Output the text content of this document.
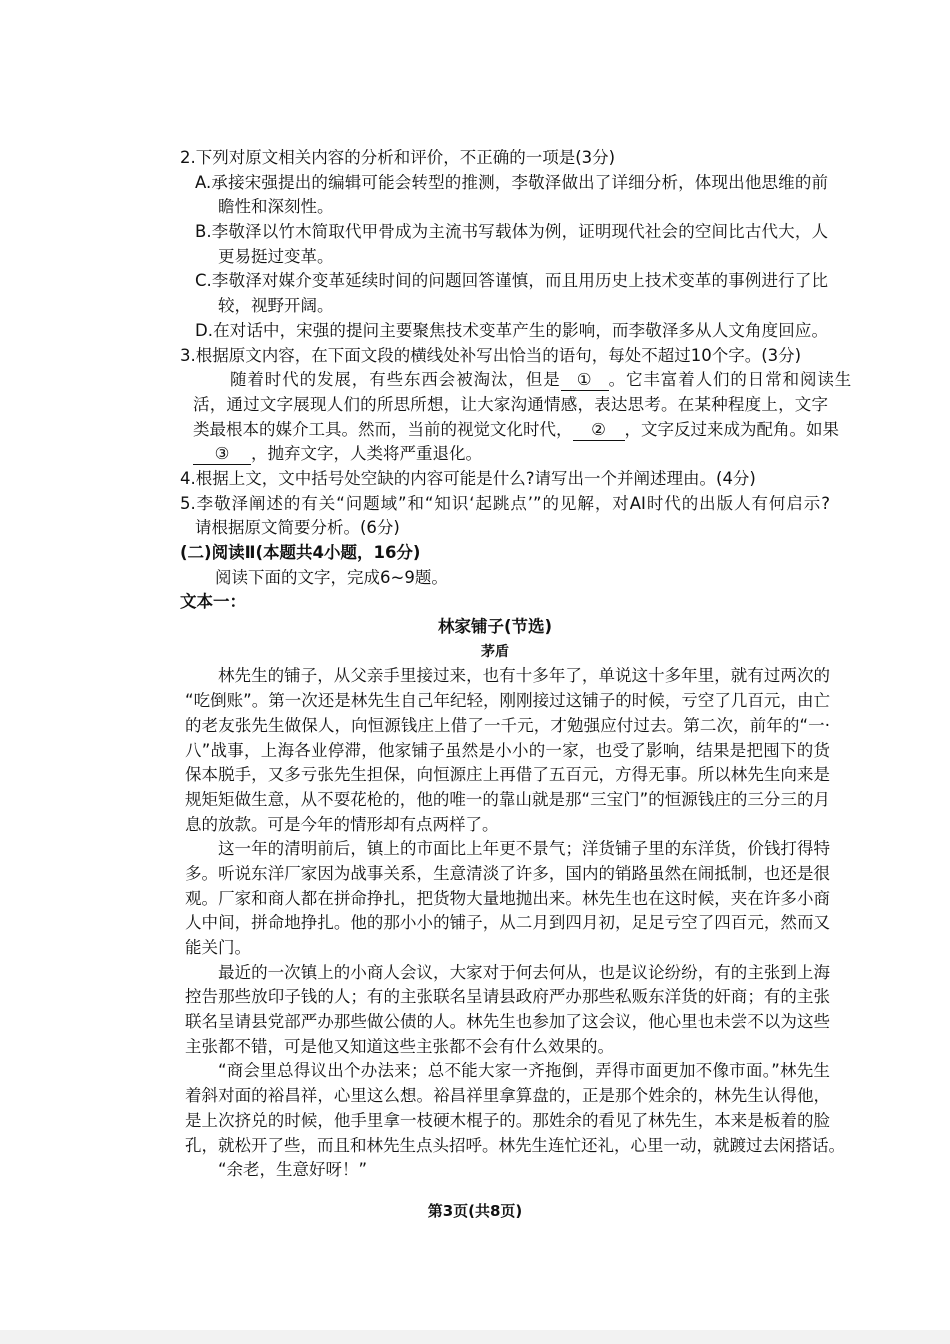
2.下列对原文相关内容的分析和评价，不正确的一项是(3分)
A.承接宋强提出的编辑可能会转型的推测，李敬泽做出了详细分析，体现出他思维的前
瞻性和深刻性。
B.李敬泽以竹木简取代甲骨成为主流书写载体为例，证明现代社会的空间比古代大，人
更易挺过变革。
C.李敬泽对媒介变革延续时间的问题回答谨慎，而且用历史上技术变革的事例进行了比
较，视野开阔。
D.在对话中，宋强的提问主要聚焦技术变革产生的影响，而李敬泽多从人文角度回应。
3.根据原文内容，在下面文段的横线处补写出恰当的语句，每处不超过10个字。(3分)
随着时代的发展，有些东西会被淘汰，但是 ① 。它丰富着人们的日常和阅读生
活，通过文字展现人们的所思所想，让大家沟通情感，表达思考。在某种程度上，文字
类最根本的媒介工具。然而，当前的视觉文化时代， ② ，文字反过来成为配角。如果
③ ，抛弃文字，人类将严重退化。
4.根据上文，文中括号处空缺的内容可能是什么?请写出一个并阐述理由。(4分)
5.李敬泽阐述的有关“问题域”和“知识‘起跳点’”的见解，对AI时代的出版人有何启示?
请根据原文简要分析。(6分)
(二)阅读Ⅱ(本题共4小题，16分)
阅读下面的文字，完成6~9题。
文本一：
林家铺子(节选)
茅盾
林先生的铺子，从父亲手里接过来，也有十多年了，单说这十多年里，就有过两次的
“吃倒账”。第一次还是林先生自己年纪轻，刚刚接过这铺子的时候，亏空了几百元，由亡
的老友张先生做保人，向恒源钱庄上借了一千元，才勉强应付过去。第二次，前年的“一·
八”战事，上海各业停滞，他家铺子虽然是小小的一家，也受了影响，结果是把囤下的货
保本脱手，又多亏张先生担保，向恒源庄上再借了五百元，方得无事。所以林先生向来是
规矩矩做生意，从不耍花枪的，他的唯一的靠山就是那“三宝门”的恒源钱庄的三分三的月
息的放款。可是今年的情形却有点两样了。
这一年的清明前后，镇上的市面比上年更不景气；洋货铺子里的东洋货，价钱打得特
多。听说东洋厂家因为战事关系，生意清淡了许多，国内的销路虽然在闹抵制，也还是很
观。厂家和商人都在拼命挣扎，把货物大量地抛出来。林先生也在这时候，夹在许多小商
人中间，拼命地挣扎。他的那小小的铺子，从二月到四月初，足足亏空了四百元，然而又
能关门。
最近的一次镇上的小商人会议，大家对于何去何从，也是议论纷纷，有的主张到上海
控告那些放印子钱的人；有的主张联名呈请县政府严办那些私贩东洋货的奸商；有的主张
联名呈请县党部严办那些做公债的人。林先生也参加了这会议，他心里也未尝不以为这些
主张都不错，可是他又知道这些主张都不会有什么效果的。
“商会里总得议出个办法来；总不能大家一齐拖倒，弄得市面更加不像市面。”林先生
着斜对面的裕昌祥，心里这么想。裕昌祥里拿算盘的，正是那个姓余的，林先生认得他，
是上次挤兑的时候，他手里拿一枝硬木棍子的。那姓余的看见了林先生，本来是板着的脸
孔，就松开了些，而且和林先生点头招呼。林先生连忙还礼，心里一动，就踱过去闲搭话。
“余老，生意好呀！”
第3页(共8页)
